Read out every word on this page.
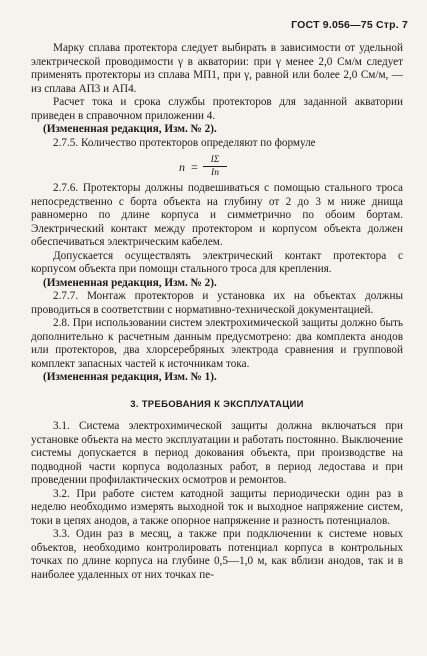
ГОСТ 9.056—75 Стр. 7

Марку сплава протектора следует выбирать в зависимости от удельной электрической проводимости γ в акватории: при γ менее 2,0 См/м следует применять протекторы из сплава МП1, при γ, равной или более 2,0 См/м, — из сплава АП3 и АП4.

Расчет тока и срока службы протекторов для заданной акватории приведен в справочном приложении 4.

(Измененная редакция, Изм. № 2).

2.7.5. Количество протекторов определяют по формуле

n =	IΣ
Iп

2.7.6. Протекторы должны подвешиваться с помощью стального троса непосредственно с борта объекта на глубину от 2 до 3 м ниже днища равномерно по длине корпуса и симметрично по обоим бортам. Электрический контакт между протектором и корпусом объекта должен обеспечиваться электрическим кабелем.

Допускается осуществлять электрический контакт протектора с корпусом объекта при помощи стального троса для крепления.

(Измененная редакция, Изм. № 2).

2.7.7. Монтаж протекторов и установка их на объектах должны проводиться в соответствии с нормативно-технической документацией.

2.8. При использовании систем электрохимической защиты должно быть дополнительно к расчетным данным предусмотрено: два комплекта анодов или протекторов, два хлорсеребряных электрода сравнения и групповой комплект запасных частей к источникам тока.

(Измененная редакция, Изм. № 1).

3. ТРЕБОВАНИЯ К ЭКСПЛУАТАЦИИ

3.1. Система электрохимической защиты должна включаться при установке объекта на место эксплуатации и работать постоянно. Выключение системы допускается в период докования объекта, при производстве на подводной части корпуса водолазных работ, в период ледостава и при проведении профилактических осмотров и ремонтов.

3.2. При работе систем катодной защиты периодически один раз в неделю необходимо измерять выходной ток и выходное напряжение систем, токи в цепях анодов, а также опорное напряжение и разность потенциалов.

3.3. Один раз в месяц, а также при подключении к системе новых объектов, необходимо контролировать потенциал корпуса в контрольных точках по длине корпуса на глубине 0,5—1,0 м, как вблизи анодов, так и в наиболее удаленных от них точках пе-
